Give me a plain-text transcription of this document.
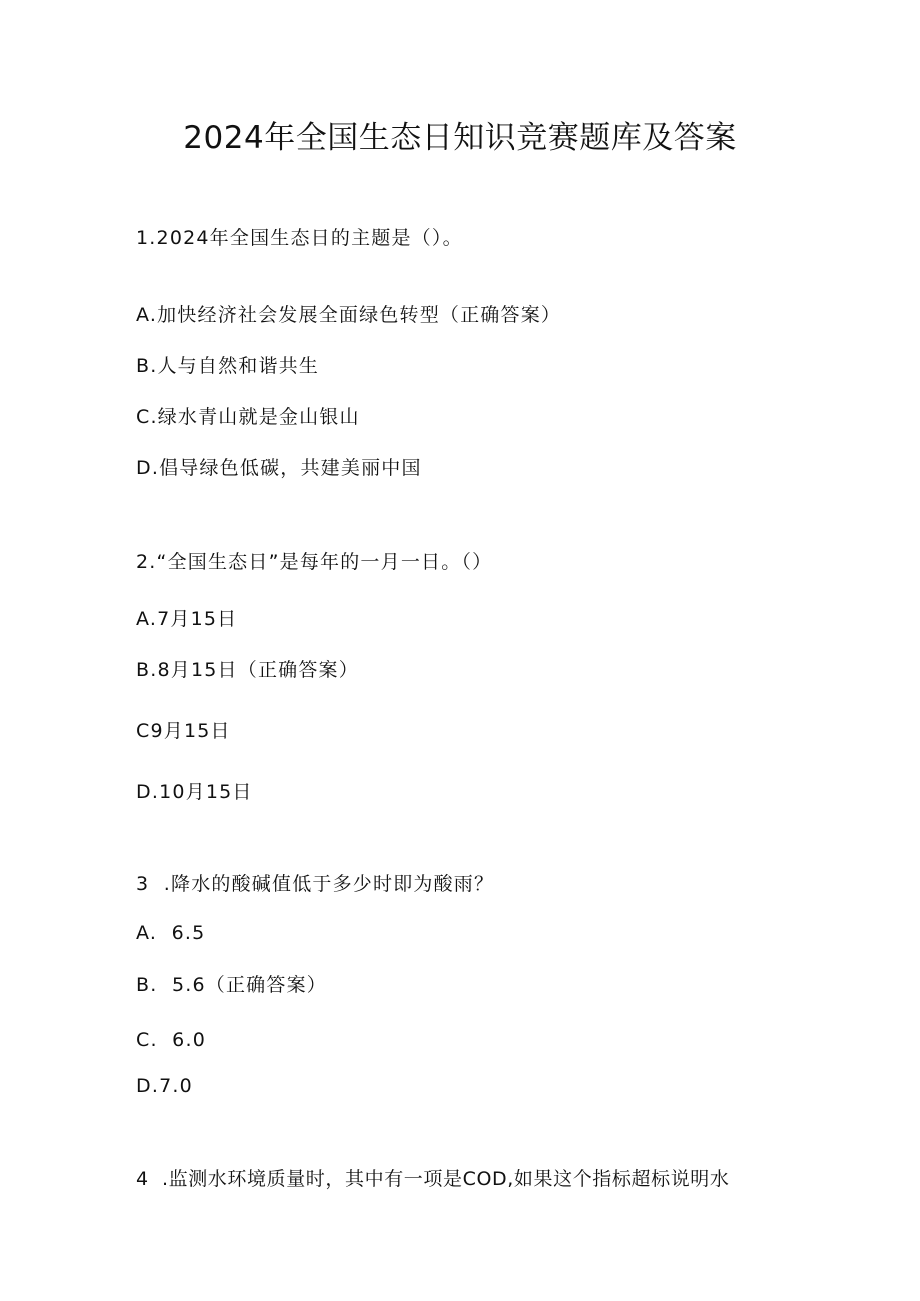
2024年全国生态日知识竞赛题库及答案
1.2024年全国生态日的主题是（）。
A.加快经济社会发展全面绿色转型（正确答案）
B.人与自然和谐共生
C.绿水青山就是金山银山
D.倡导绿色低碳，共建美丽中国
2.“全国生态日”是每年的一月一日。（）
A.7月15日
B.8月15日（正确答案）
C9月15日
D.10月15日
3  .降水的酸碱值低于多少时即为酸雨？
A.  6.5
B.  5.6（正确答案）
C.  6.0
D.7.0
4  .监测水环境质量时，其中有一项是COD,如果这个指标超标说明水
